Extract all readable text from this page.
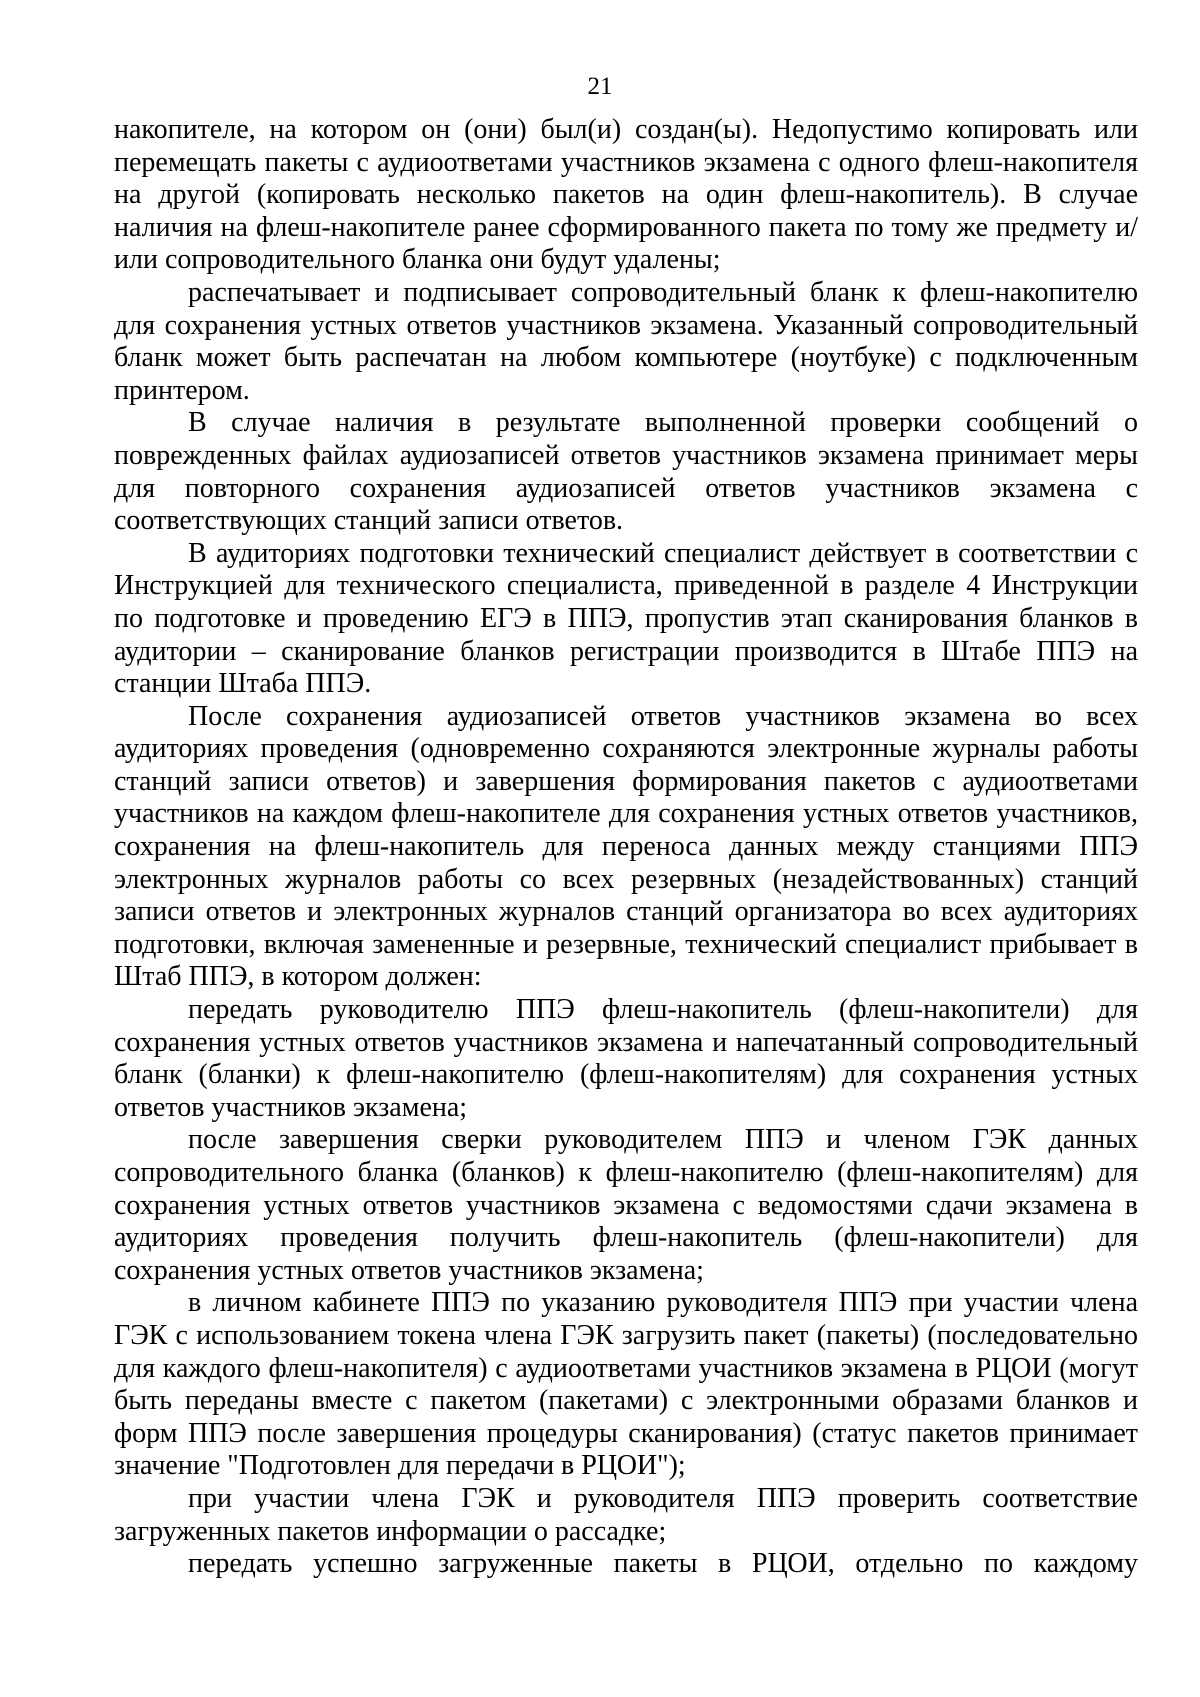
21

накопителе, на котором он (они) был(и) создан(ы). Недопустимо копировать или перемещать пакеты с аудиоответами участников экзамена с одного флеш-накопителя на другой (копировать несколько пакетов на один флеш-накопитель). В случае наличия на флеш-накопителе ранее сформированного пакета по тому же предмету и/или сопроводительного бланка они будут удалены;

распечатывает и подписывает сопроводительный бланк к флеш-накопителю для сохранения устных ответов участников экзамена. Указанный сопроводительный бланк может быть распечатан на любом компьютере (ноутбуке) с подключенным принтером.

В случае наличия в результате выполненной проверки сообщений о поврежденных файлах аудиозаписей ответов участников экзамена принимает меры для повторного сохранения аудиозаписей ответов участников экзамена с соответствующих станций записи ответов.

В аудиториях подготовки технический специалист действует в соответствии с Инструкцией для технического специалиста, приведенной в разделе 4 Инструкции по подготовке и проведению ЕГЭ в ППЭ, пропустив этап сканирования бланков в аудитории – сканирование бланков регистрации производится в Штабе ППЭ на станции Штаба ППЭ.

После сохранения аудиозаписей ответов участников экзамена во всех аудиториях проведения (одновременно сохраняются электронные журналы работы станций записи ответов) и завершения формирования пакетов с аудиоответами участников на каждом флеш-накопителе для сохранения устных ответов участников, сохранения на флеш-накопитель для переноса данных между станциями ППЭ электронных журналов работы со всех резервных (незадействованных) станций записи ответов и электронных журналов станций организатора во всех аудиториях подготовки, включая замененные и резервные, технический специалист прибывает в Штаб ППЭ, в котором должен:

передать руководителю ППЭ флеш-накопитель (флеш-накопители) для сохранения устных ответов участников экзамена и напечатанный сопроводительный бланк (бланки) к флеш-накопителю (флеш-накопителям) для сохранения устных ответов участников экзамена;

после завершения сверки руководителем ППЭ и членом ГЭК данных сопроводительного бланка (бланков) к флеш-накопителю (флеш-накопителям) для сохранения устных ответов участников экзамена с ведомостями сдачи экзамена в аудиториях проведения получить флеш-накопитель (флеш-накопители) для сохранения устных ответов участников экзамена;

в личном кабинете ППЭ по указанию руководителя ППЭ при участии члена ГЭК с использованием токена члена ГЭК загрузить пакет (пакеты) (последовательно для каждого флеш-накопителя) с аудиоответами участников экзамена в РЦОИ (могут быть переданы вместе с пакетом (пакетами) с электронными образами бланков и форм ППЭ после завершения процедуры сканирования) (статус пакетов принимает значение "Подготовлен для передачи в РЦОИ");

при участии члена ГЭК и руководителя ППЭ проверить соответствие загруженных пакетов информации о рассадке;

передать успешно загруженные пакеты в РЦОИ, отдельно по каждому
